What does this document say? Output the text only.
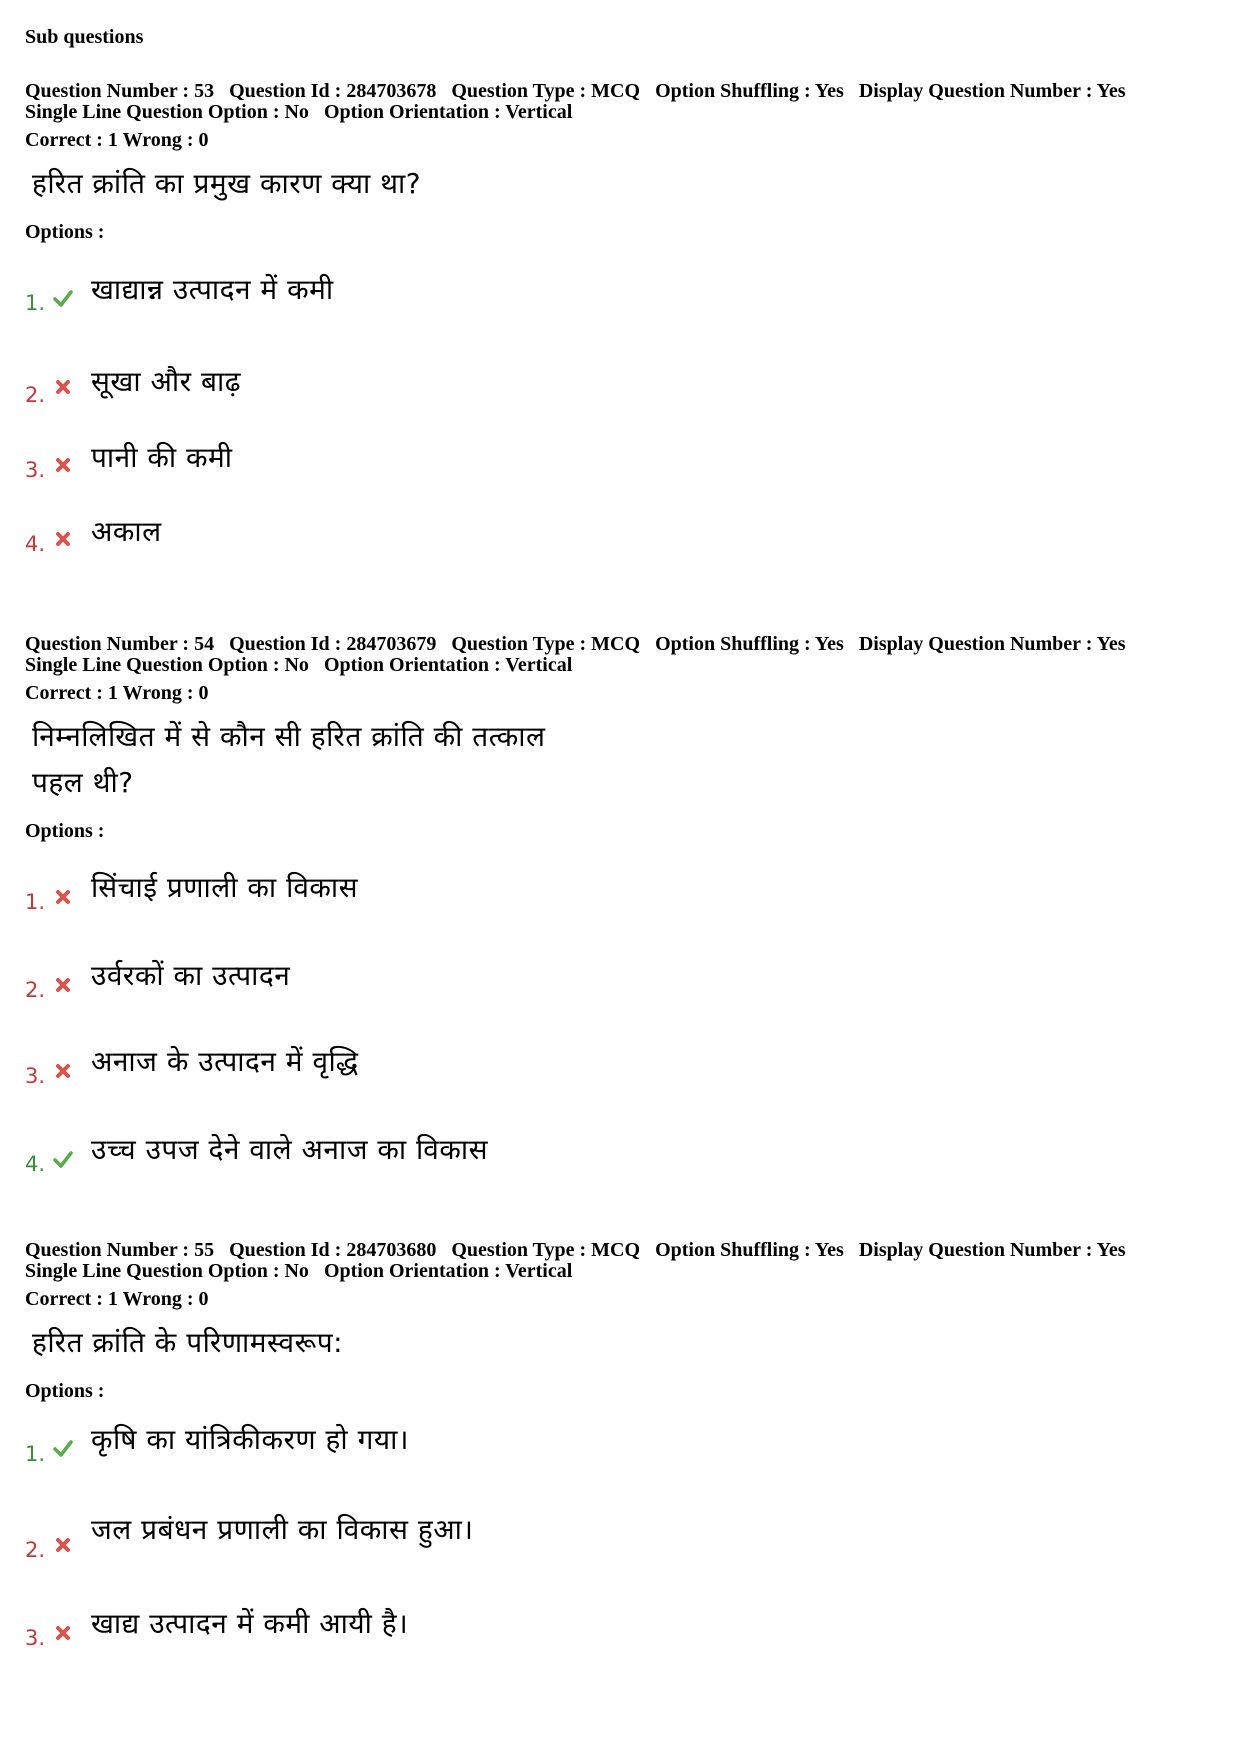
Sub questions
Question Number : 53 Question Id : 284703678 Question Type : MCQ Option Shuffling : Yes Display Question Number : Yes
Single Line Question Option : No Option Orientation : Vertical
Correct : 1 Wrong : 0
हरित क्रांति का प्रमुख कारण क्या था?
Options :
1. खाद्यान्न उत्पादन में कमी
2. सूखा और बाढ़
3. पानी की कमी
4. अकाल
Question Number : 54 Question Id : 284703679 Question Type : MCQ Option Shuffling : Yes Display Question Number : Yes
Single Line Question Option : No Option Orientation : Vertical
Correct : 1 Wrong : 0
निम्नलिखित में से कौन सी हरित क्रांति की तत्काल
पहल थी?
Options :
1. सिंचाई प्रणाली का विकास
2. उर्वरकों का उत्पादन
3. अनाज के उत्पादन में वृद्धि
4. उच्च उपज देने वाले अनाज का विकास
Question Number : 55 Question Id : 284703680 Question Type : MCQ Option Shuffling : Yes Display Question Number : Yes
Single Line Question Option : No Option Orientation : Vertical
Correct : 1 Wrong : 0
हरित क्रांति के परिणामस्वरूप:
Options :
1. कृषि का यांत्रिकीकरण हो गया।
2.
जल प्रबंधन प्रणाली का विकास हुआ।
3. खाद्य उत्पादन में कमी आयी है।
